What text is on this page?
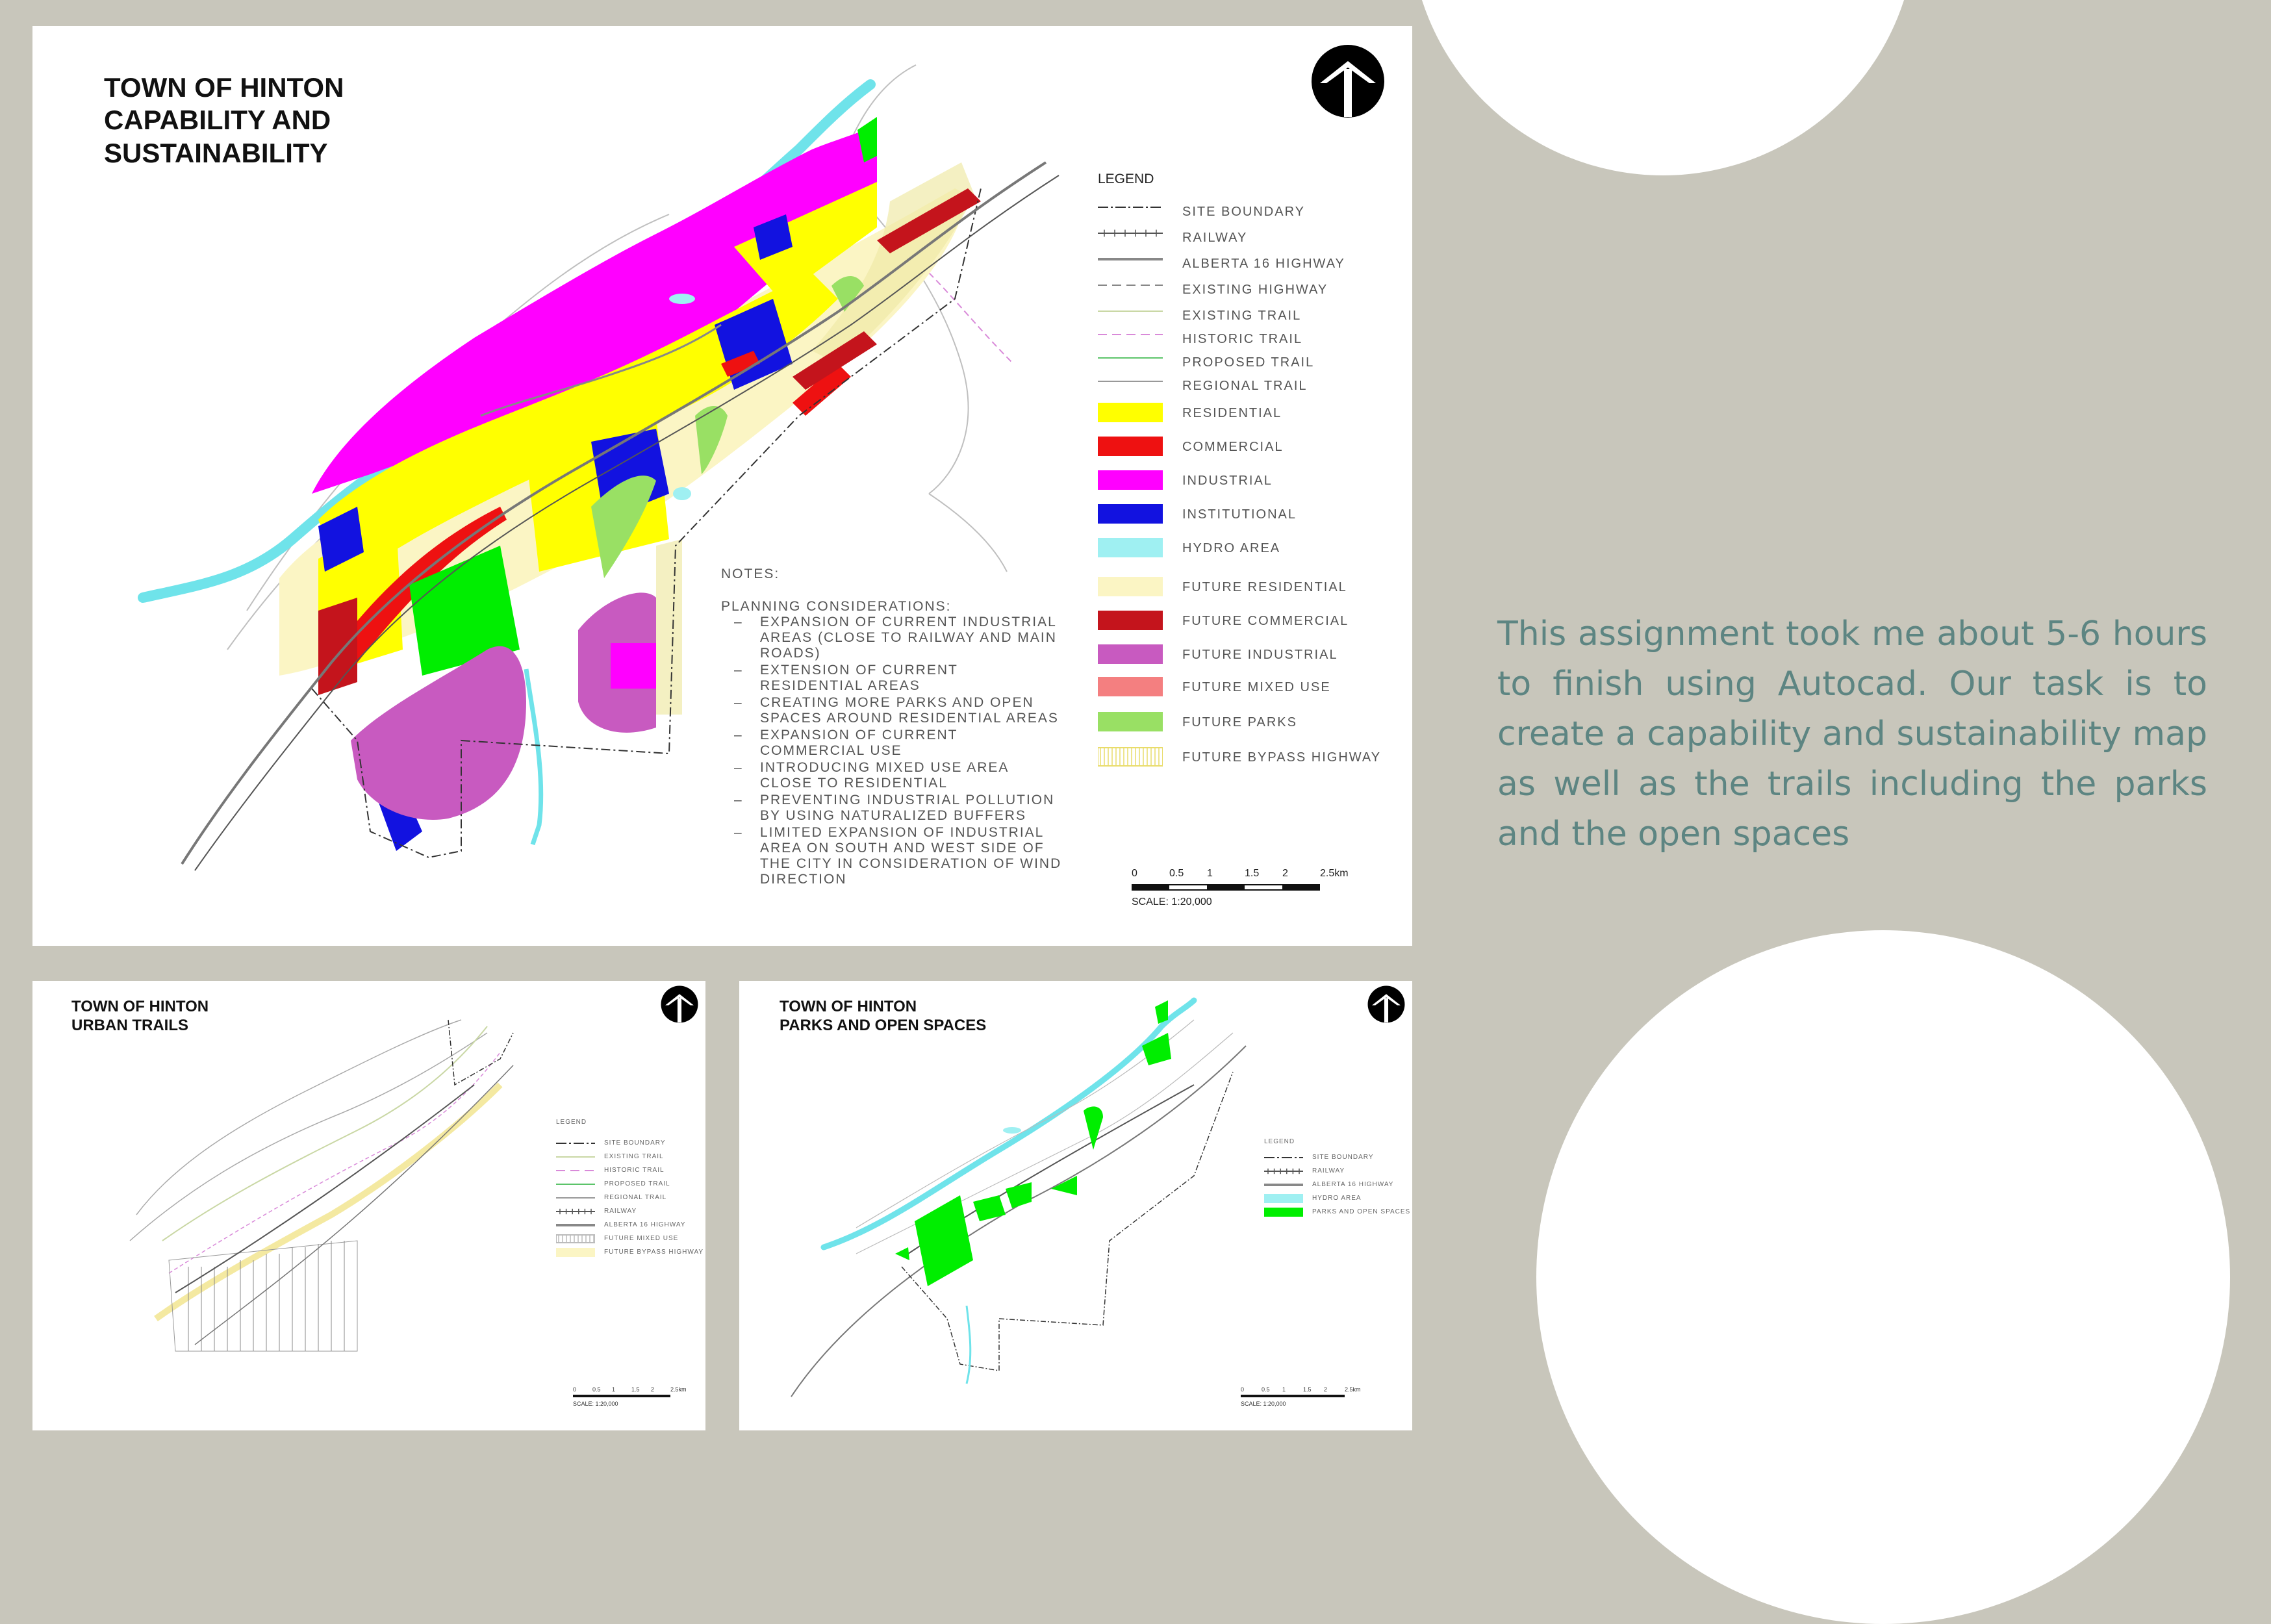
TOWN OF HINTON
CAPABILITY AND
SUSTAINABILITY
LEGEND
SITE BOUNDARY
RAILWAY
ALBERTA 16 HIGHWAY
EXISTING HIGHWAY
EXISTING TRAIL
HISTORIC TRAIL
PROPOSED TRAIL
REGIONAL TRAIL
RESIDENTIAL
COMMERCIAL
INDUSTRIAL
INSTITUTIONAL
HYDRO AREA
FUTURE RESIDENTIAL
FUTURE COMMERCIAL
FUTURE INDUSTRIAL
FUTURE MIXED USE
FUTURE PARKS
FUTURE BYPASS HIGHWAY
NOTES:
PLANNING CONSIDERATIONS:
– EXPANSION OF CURRENT INDUSTRIAL AREAS (CLOSE TO RAILWAY AND MAIN ROADS)
– EXTENSION OF CURRENT RESIDENTIAL AREAS
– CREATING MORE PARKS AND OPEN SPACES AROUND RESIDENTIAL AREAS
– EXPANSION OF CURRENT COMMERCIAL USE
– INTRODUCING MIXED USE AREA CLOSE TO RESIDENTIAL
– PREVENTING INDUSTRIAL POLLUTION BY USING NATURALIZED BUFFERS
– LIMITED EXPANSION OF INDUSTRIAL AREA ON SOUTH AND WEST SIDE OF THE CITY IN CONSIDERATION OF WIND DIRECTION	0	0.5 1	1.5 2	2.5km
SCALE: 1:20,000
TOWN OF HINTON
URBAN TRAILS
LEGEND
SITE BOUNDARY
EXISTING TRAIL
HISTORIC TRAIL
PROPOSED TRAIL
REGIONAL TRAIL
RAILWAY
ALBERTA 16 HIGHWAY
FUTURE MIXED USE
FUTURE BYPASS HIGHWAY
0	0.5 1	1.5 2	2.5km
SCALE: 1:20,000
TOWN OF HINTON
PARKS AND OPEN SPACES
LEGEND
SITE BOUNDARY
RAILWAY
ALBERTA 16 HIGHWAY
HYDRO AREA
PARKS AND OPEN SPACES
0	0.5 1	1.5 2	2.5km
SCALE: 1:20,000
This assignment took me about 5-6 hours to finish using Autocad. Our task is to create a capability and sustainability map as well as the trails including the parks and the open spaces
